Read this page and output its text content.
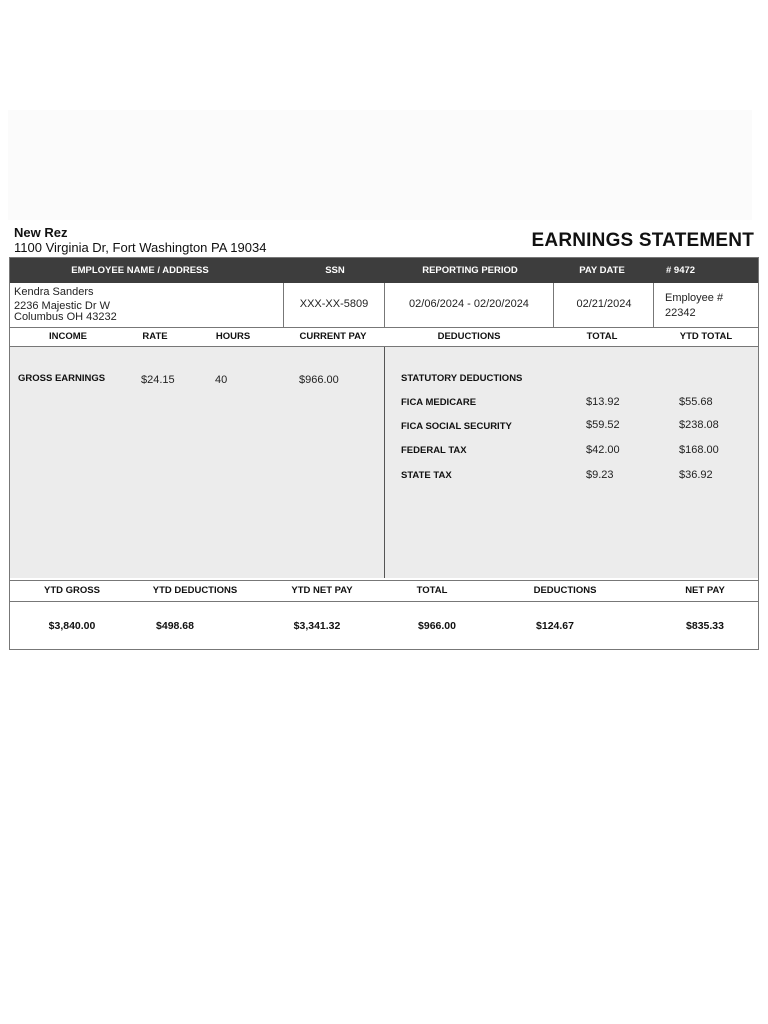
New Rez
1100 Virginia Dr, Fort Washington PA 19034	EARNINGS STATEMENT
EMPLOYEE NAME / ADDRESS	SSN	REPORTING PERIOD	PAY DATE	# 9472
Kendra Sanders
2236 Majestic Dr W
Columbus OH 43232
XXX-XX-5809	02/06/2024 - 02/20/2024	02/21/2024	Employee #
22342
INCOME	RATE	HOURS	CURRENT PAY	DEDUCTIONS	TOTAL	YTD TOTAL
GROSS EARNINGS	$24.15	40	$966.00	STATUTORY DEDUCTIONS
FICA MEDICARE	$13.92	$55.68
FICA SOCIAL SECURITY	$59.52	$238.08
FEDERAL TAX	$42.00	$168.00
STATE TAX	$9.23	$36.92
YTD GROSS	YTD DEDUCTIONS	YTD NET PAY	TOTAL	DEDUCTIONS	NET PAY
$3,840.00	$498.68	$3,341.32	$966.00	$124.67	$835.33
